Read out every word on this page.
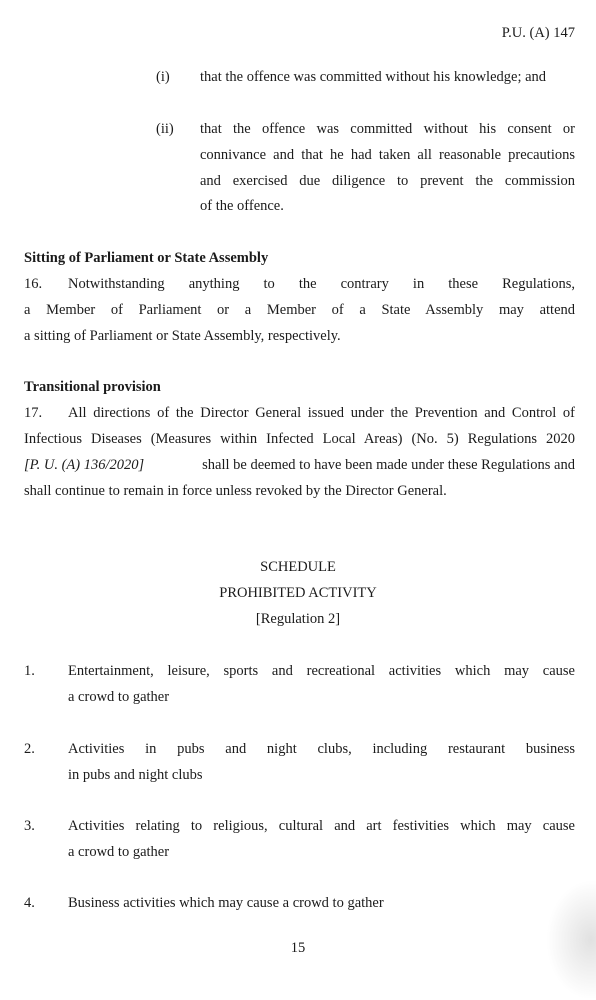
P.U. (A) 147
(i) that the offence was committed without his knowledge; and
(ii) that the offence was committed without his consent or
connivance and that he had taken all reasonable precautions
and exercised due diligence to prevent the commission
of the offence.
Sitting of Parliament or State Assembly
16. Notwithstanding anything to the contrary in these Regulations,
a Member of Parliament or a Member of a State Assembly may attend
a sitting of Parliament or State Assembly, respectively.
Transitional provision
17. All directions of the Director General issued under the Prevention and Control of
Infectious Diseases (Measures within Infected Local Areas) (No. 5) Regulations 2020
[P. U. (A) 136/2020]	shall be deemed to have been made under these Regulations and
shall continue to remain in force unless revoked by the Director General.
SCHEDULE
PROHIBITED ACTIVITY
[Regulation 2]
1. Entertainment, leisure, sports and recreational activities which may cause
a crowd to gather
2. Activities in pubs and night clubs, including restaurant business
in pubs and night clubs
3. Activities relating to religious, cultural and art festivities which may cause
a crowd to gather
4. Business activities which may cause a crowd to gather
15
